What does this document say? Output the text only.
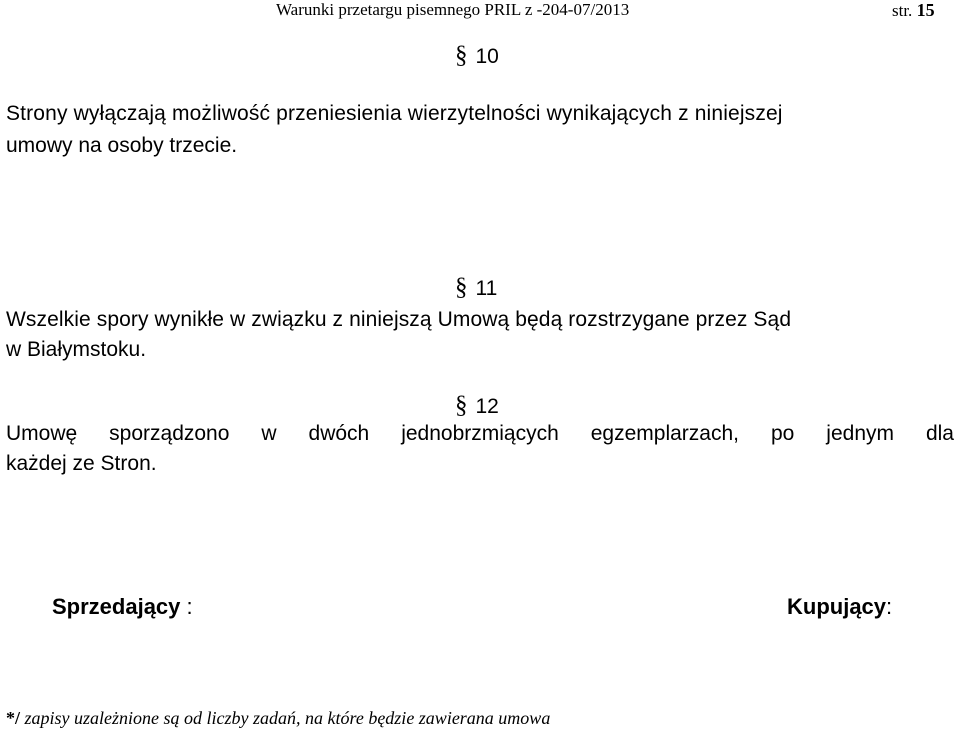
Warunki przetargu pisemnego PRIL z -204-07/2013	str. 15
§ 10
Strony wyłączają możliwość przeniesienia wierzytelności wynikających z niniejszej
umowy na osoby trzecie.
§ 11
Wszelkie spory wynikłe w związku z niniejszą Umową będą rozstrzygane przez Sąd
w Białymstoku.
§ 12
Umowę sporządzono w dwóch jednobrzmiących egzemplarzach, po jednym dla
każdej ze Stron.
Sprzedający :	Kupujący:
*/ zapisy uzależnione są od liczby zadań, na które będzie zawierana umowa
